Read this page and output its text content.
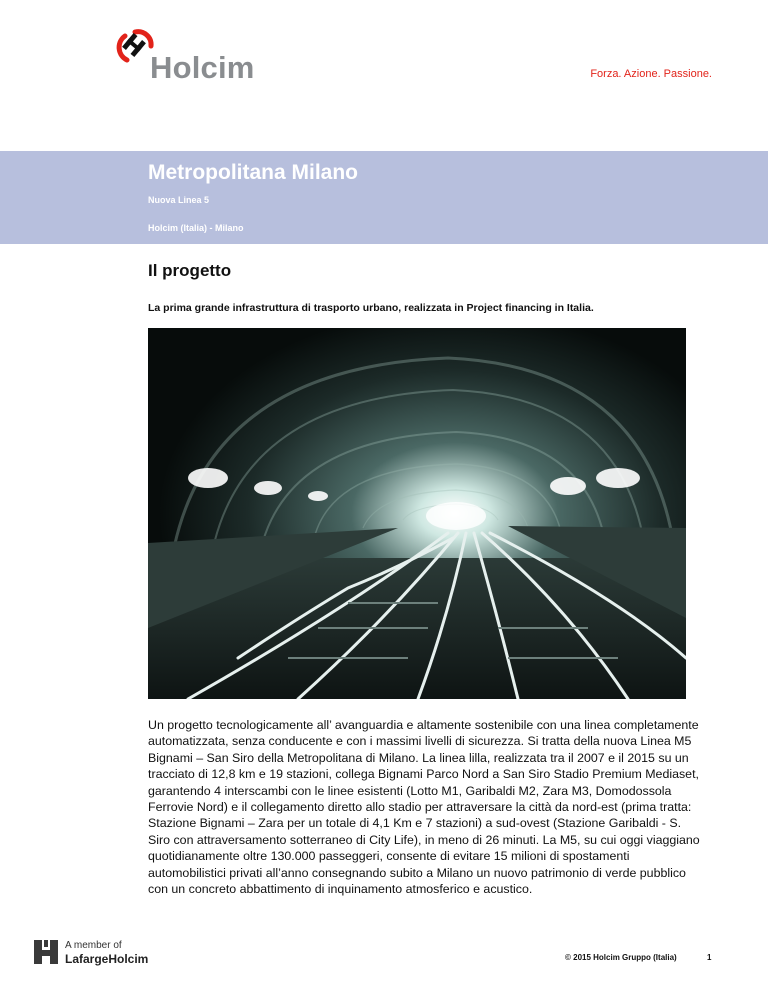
Holcim	Forza. Azione. Passione.
Metropolitana Milano
Nuova Linea 5
Holcim (Italia) - Milano
Il progetto
La prima grande infrastruttura di trasporto urbano, realizzata in Project financing in Italia.
Un progetto tecnologicamente all’ avanguardia e altamente sostenibile con una linea completamente automatizzata, senza conducente e con i massimi livelli di sicurezza. Si tratta della nuova Linea M5 Bignami – San Siro della Metropolitana di Milano. La linea lilla, realizzata tra il 2007 e il 2015 su un tracciato di 12,8 km e 19 stazioni, collega Bignami Parco Nord a San Siro Stadio Premium Mediaset, garantendo 4 interscambi con le linee esistenti (Lotto M1, Garibaldi M2, Zara M3, Domodossola Ferrovie Nord) e il collegamento diretto allo stadio per attraversare la città da nord-est (prima tratta: Stazione Bignami – Zara per un totale di 4,1 Km e 7 stazioni) a sud-ovest (Stazione Garibaldi - S. Siro con attraversamento sotterraneo di City Life), in meno di 26 minuti. La M5, su cui oggi viaggiano quotidianamente oltre 130.000 passeggeri, consente di evitare 15 milioni di spostamenti automobilistici privati all’anno consegnando subito a Milano un nuovo patrimonio di verde pubblico con un concreto abbattimento di inquinamento atmosferico e acustico.
A member of
LafargeHolcim	© 2015 Holcim Gruppo (Italia)	1
